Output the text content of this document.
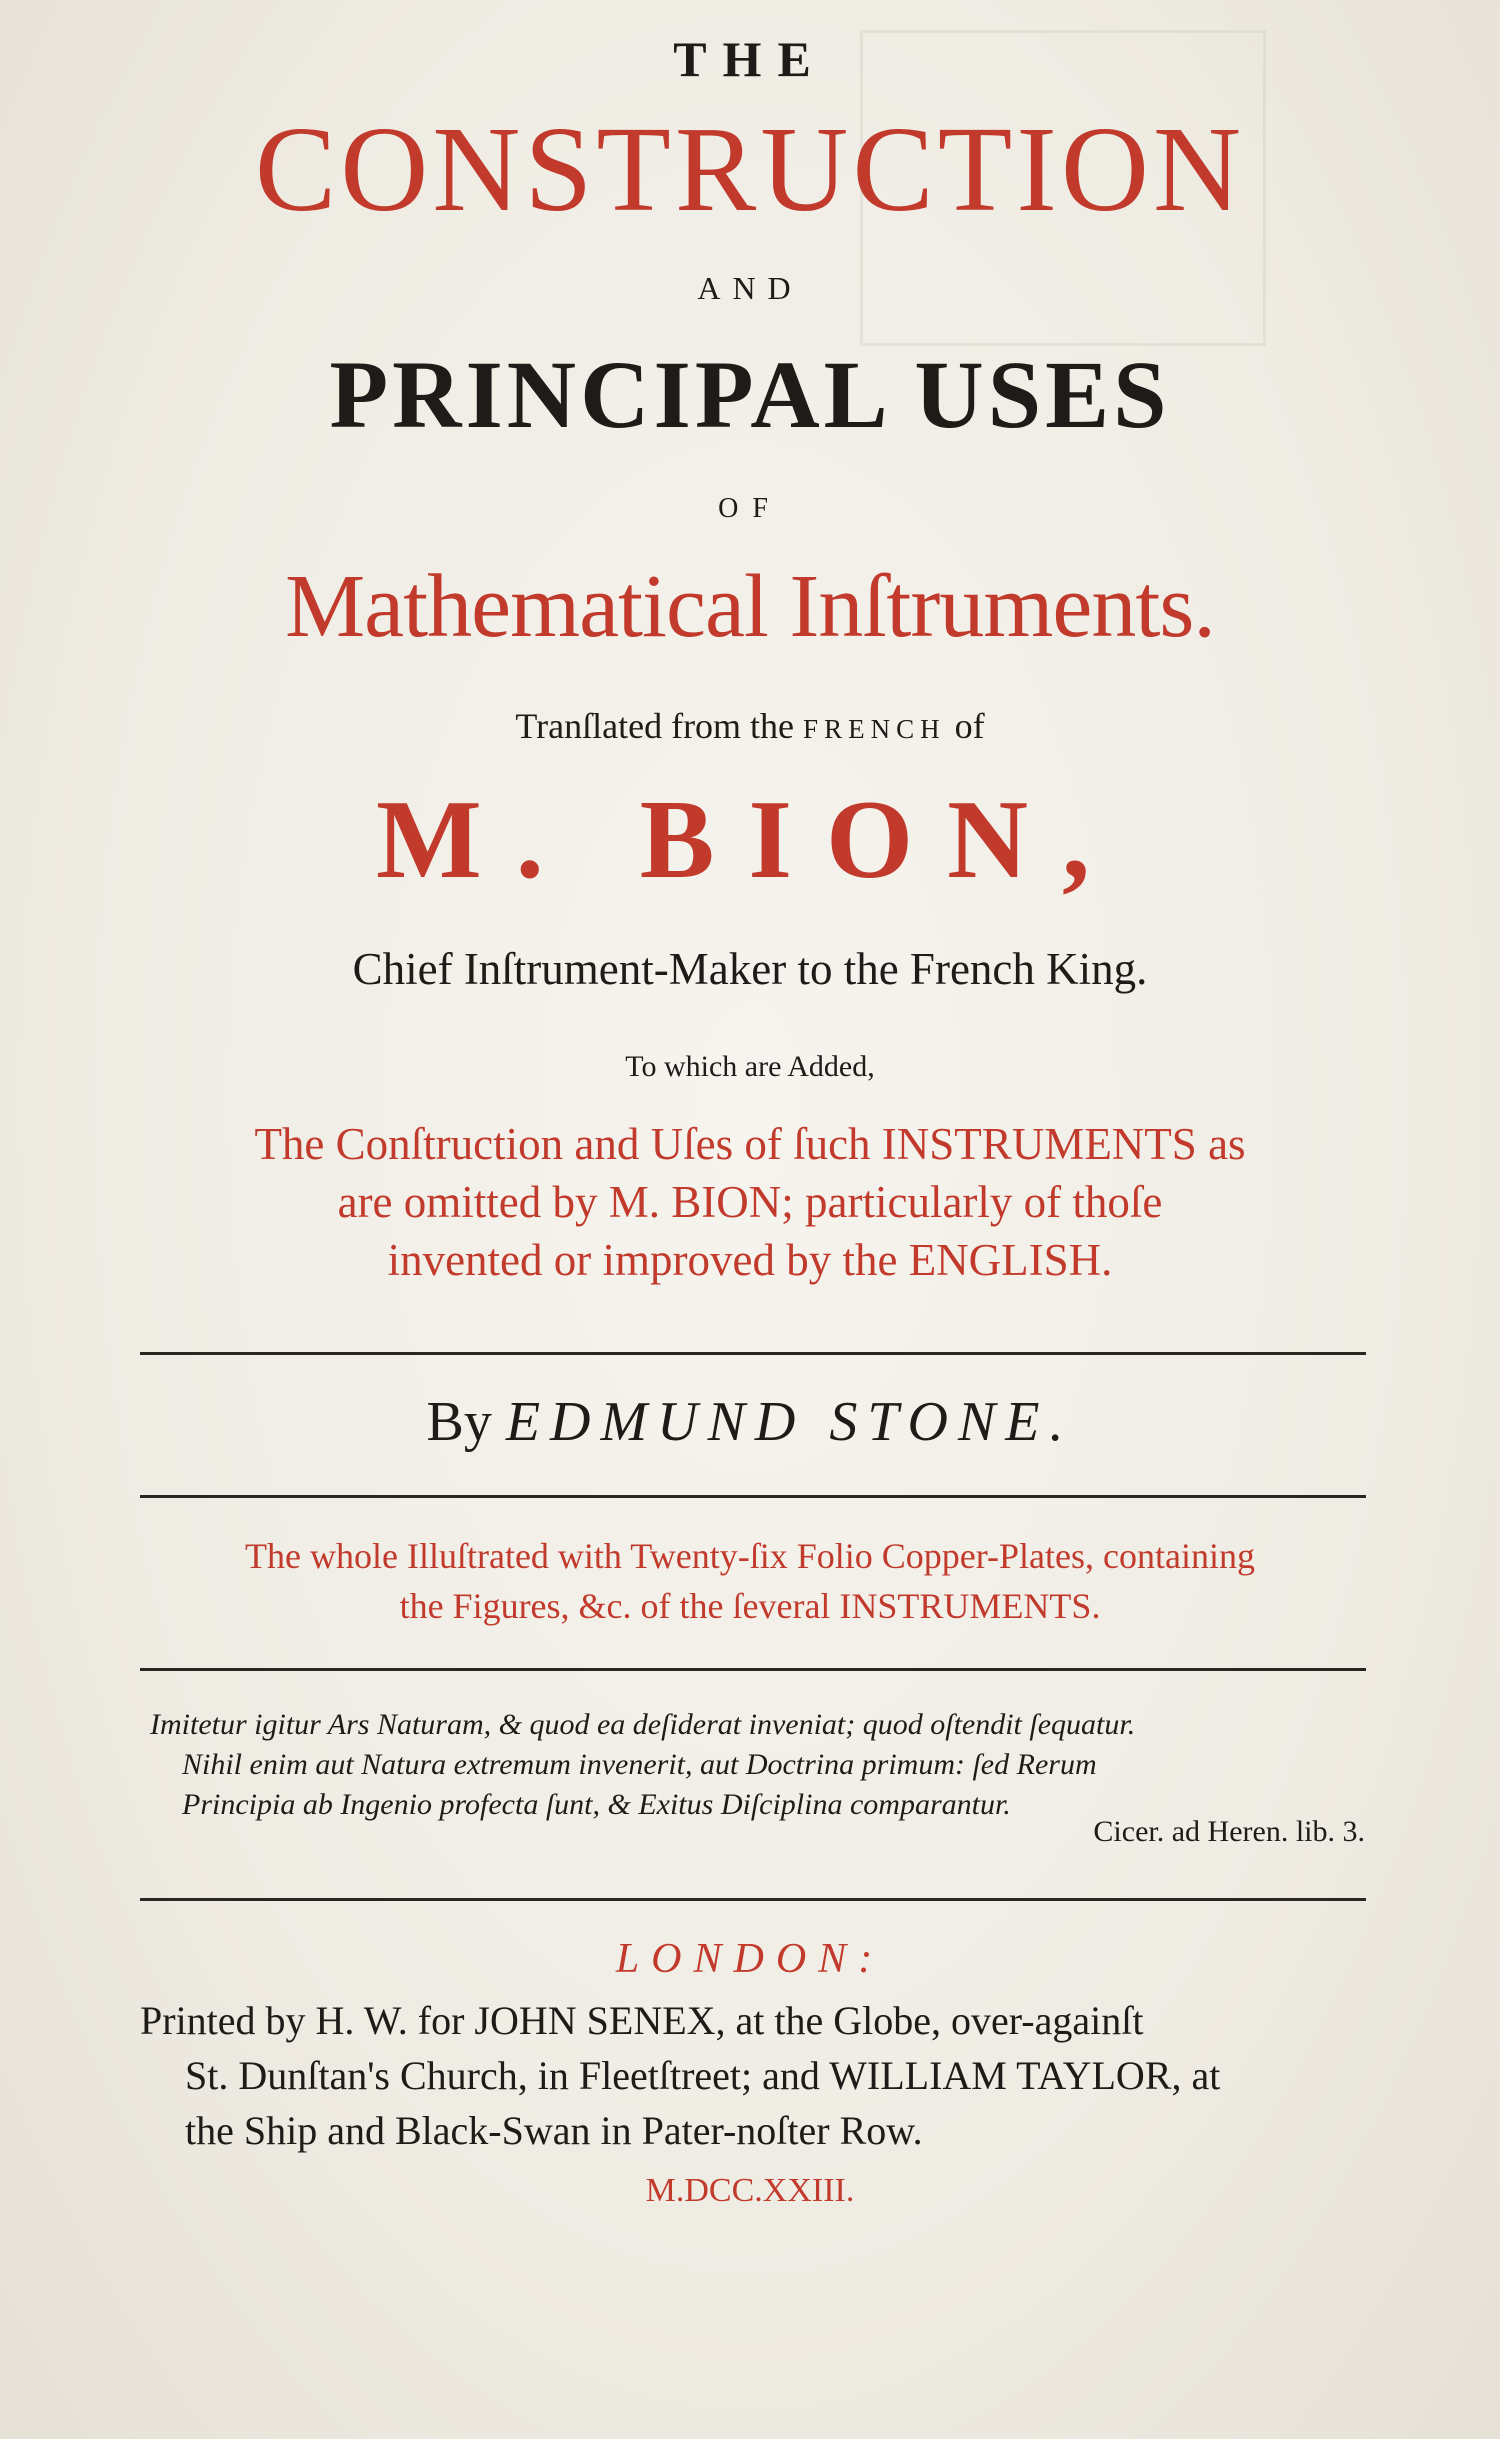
THE
CONSTRUCTION
AND
PRINCIPAL USES
OF
Mathematical Inſtruments.
Tranſlated from the FRENCH of
M. BION,
Chief Inſtrument-Maker to the French King.
To which are Added,
The Conſtruction and Uſes of ſuch INSTRUMENTS as
are omitted by M. BION; particularly of thoſe
invented or improved by the ENGLISH.
By EDMUND STONE.
The whole Illuſtrated with Twenty-ſix Folio Copper-Plates, containing
the Figures, &c. of the ſeveral INSTRUMENTS.
Imitetur igitur Ars Naturam, & quod ea deſiderat inveniat; quod oſtendit ſequatur.
Nihil enim aut Natura extremum invenerit, aut Doctrina primum: ſed Rerum
Principia ab Ingenio profecta ſunt, & Exitus Diſciplina comparantur.
Cicer. ad Heren. lib. 3.
LONDON:
Printed by H. W. for JOHN SENEX, at the Globe, over-againſt
St. Dunſtan's Church, in Fleetſtreet; and WILLIAM TAYLOR, at
the Ship and Black-Swan in Pater-noſter Row.
M.DCC.XXIII.
